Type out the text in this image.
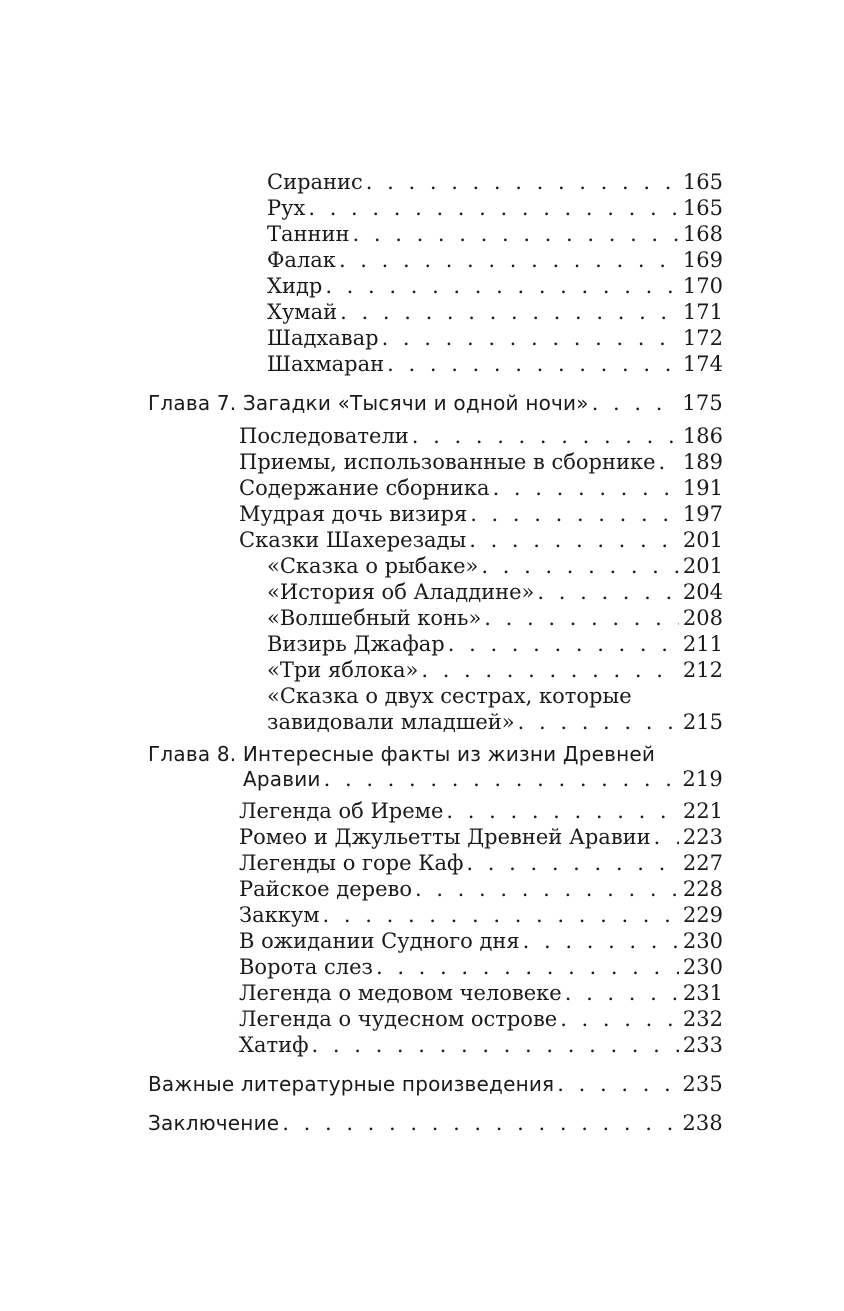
Сиранис . . .	165
Рух . . .	165
Таннин . . .	168
Фалак . . .	169
Хидр . . .	170
Хумай . . .	171
Шадхавар . . .	172
Шахмаран . . .	174
Глава 7. Загадки «Тысячи и одной ночи» . . .	175
Последователи . . .	186
Приемы, использованные в сборнике . . . 189
Содержание сборника . . .	191
Мудрая дочь визиря . . .	197
Сказки Шахерезады . . .	201
«Сказка о рыбаке» . . .	201
«История об Аладдине» . . .	204
«Волшебный конь» . . .	208
Визирь Джафар . . .	211
«Три яблока» . . .	212
«Сказка о двух сестрах, которые
завидовали младшей» . . .	215
Глава 8. Интересные факты из жизни Древней
Аравии . . .	219
Легенда об Иреме . . .	221
Ромео и Джульетты Древней Аравии . . . 223
Легенды о горе Каф . . .	227
Райское дерево . . .	228
Заккум . . .	229
В ожидании Судного дня . . .	230
Ворота слез . . .	230
Легенда о медовом человеке . . .	231
Легенда о чудесном острове . . .	232
Хатиф . . .	233
Важные литературные произведения . . .	235
Заключение . . .	238
